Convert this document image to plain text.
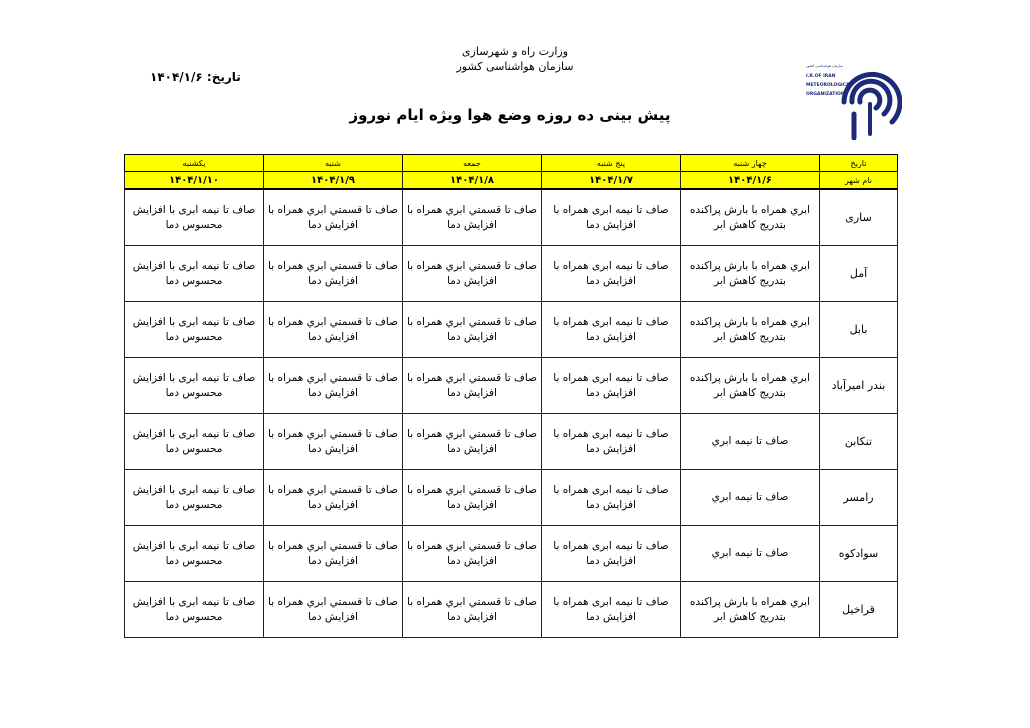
وزارت راه و شهرسازی
سازمان هواشناسی کشور
تاریخ: ۱۴۰۴/۱/۶
پیش بینی ده روزه وضع هوا ویژه ایام نوروز
سازمان هواشناسی کشور
I.R.OF IRAN
METEOROLOGICAL
ORGANIZATION
تاریخ	چهار شنبه	پنج شنبه	جمعه	شنبه	یکشنبه
نام شهر	۱۴۰۴/۱/۶	۱۴۰۴/۱/۷	۱۴۰۴/۱/۸	۱۴۰۴/۱/۹	۱۴۰۴/۱/۱۰
ساری	ابري همراه با بارش پراكنده بتدريج كاهش ابر	صاف تا نیمه ابری همراه با افزایش دما	صاف تا قسمتي ابري همراه با افزایش دما	صاف تا قسمتي ابري همراه با افزایش دما	صاف تا نیمه ابری با افزایش محسوس دما
آمل	ابري همراه با بارش پراكنده بتدريج كاهش ابر	صاف تا نیمه ابری همراه با افزایش دما	صاف تا قسمتي ابري همراه با افزایش دما	صاف تا قسمتي ابري همراه با افزایش دما	صاف تا نیمه ابری با افزایش محسوس دما
بابل	ابري همراه با بارش پراكنده بتدريج كاهش ابر	صاف تا نیمه ابری همراه با افزایش دما	صاف تا قسمتي ابري همراه با افزایش دما	صاف تا قسمتي ابري همراه با افزایش دما	صاف تا نیمه ابری با افزایش محسوس دما
بندر امیرآباد	ابري همراه با بارش پراكنده بتدريج كاهش ابر	صاف تا نیمه ابری همراه با افزایش دما	صاف تا قسمتي ابري همراه با افزایش دما	صاف تا قسمتي ابري همراه با افزایش دما	صاف تا نیمه ابری با افزایش محسوس دما
تنکابن	صاف تا نیمه ابري	صاف تا نیمه ابری همراه با افزایش دما	صاف تا قسمتي ابري همراه با افزایش دما	صاف تا قسمتي ابري همراه با افزایش دما	صاف تا نیمه ابری با افزایش محسوس دما
رامسر	صاف تا نیمه ابري	صاف تا نیمه ابری همراه با افزایش دما	صاف تا قسمتي ابري همراه با افزایش دما	صاف تا قسمتي ابري همراه با افزایش دما	صاف تا نیمه ابری با افزایش محسوس دما
سوادکوه	صاف تا نیمه ابري	صاف تا نیمه ابری همراه با افزایش دما	صاف تا قسمتي ابري همراه با افزایش دما	صاف تا قسمتي ابري همراه با افزایش دما	صاف تا نیمه ابری با افزایش محسوس دما
قراخیل	ابري همراه با بارش پراكنده بتدريج كاهش ابر	صاف تا نیمه ابری همراه با افزایش دما	صاف تا قسمتي ابري همراه با افزایش دما	صاف تا قسمتي ابري همراه با افزایش دما	صاف تا نیمه ابری با افزایش محسوس دما
